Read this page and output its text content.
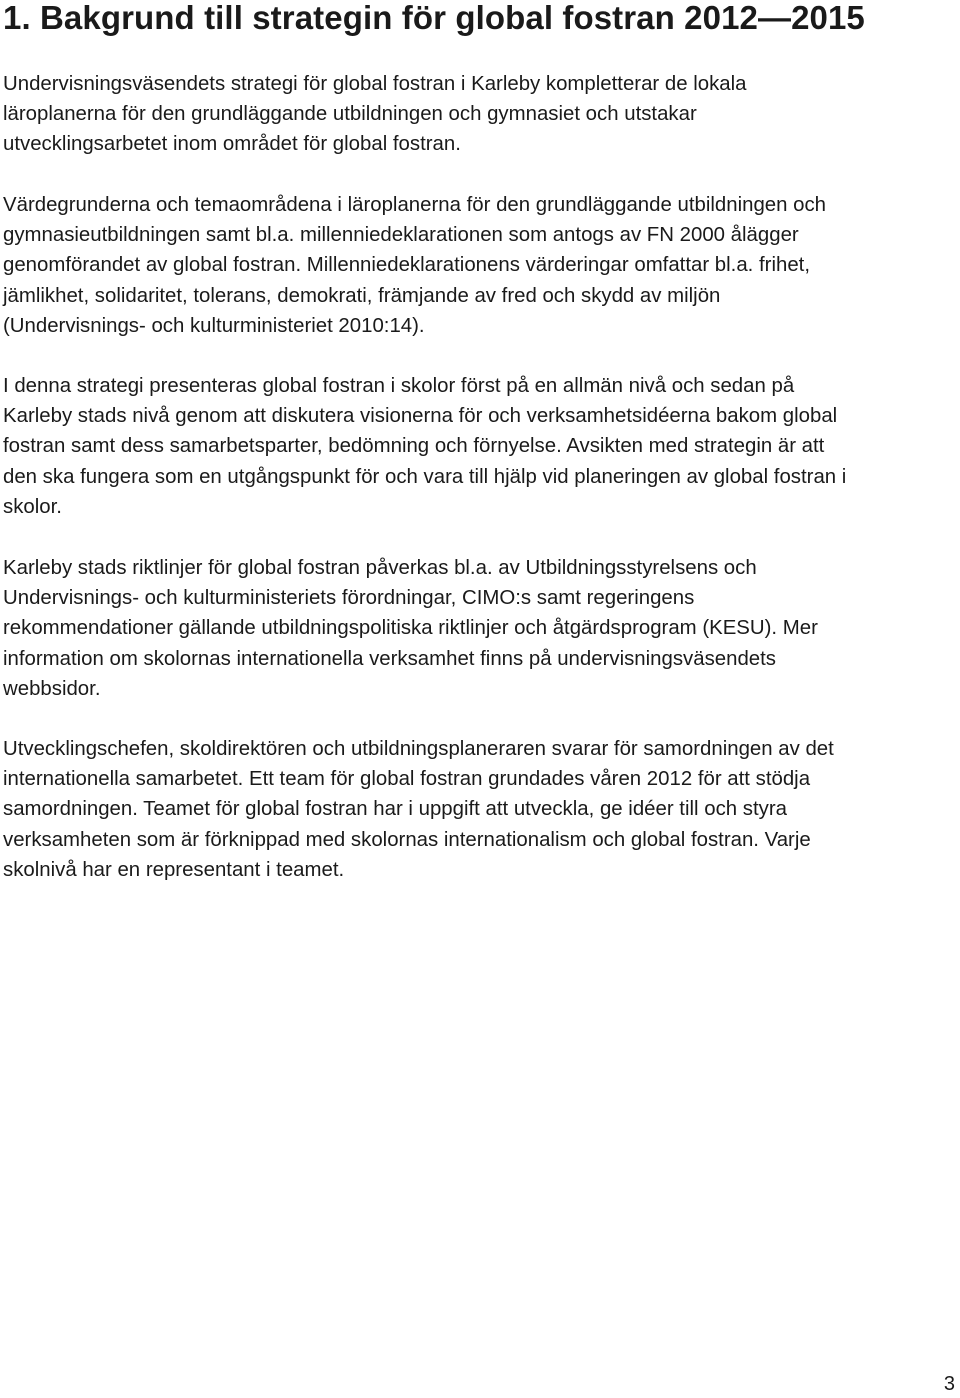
1. Bakgrund till strategin för global fostran 2012—2015

Undervisningsväsendets strategi för global fostran i Karleby kompletterar de lokala
läroplanerna för den grundläggande utbildningen och gymnasiet och utstakar
utvecklingsarbetet inom området för global fostran.

Värdegrunderna och temaområdena i läroplanerna för den grundläggande utbildningen och
gymnasieutbildningen samt bl.a. millenniedeklarationen som antogs av FN 2000 ålägger
genomförandet av global fostran. Millenniedeklarationens värderingar omfattar bl.a. frihet,
jämlikhet, solidaritet, tolerans, demokrati, främjande av fred och skydd av miljön
(Undervisnings- och kulturministeriet 2010:14).

I denna strategi presenteras global fostran i skolor först på en allmän nivå och sedan på
Karleby stads nivå genom att diskutera visionerna för och verksamhetsidéerna bakom global
fostran samt dess samarbetsparter, bedömning och förnyelse. Avsikten med strategin är att
den ska fungera som en utgångspunkt för och vara till hjälp vid planeringen av global fostran i
skolor.

Karleby stads riktlinjer för global fostran påverkas bl.a. av Utbildningsstyrelsens och
Undervisnings- och kulturministeriets förordningar, CIMO:s samt regeringens
rekommendationer gällande utbildningspolitiska riktlinjer och åtgärdsprogram (KESU). Mer
information om skolornas internationella verksamhet finns på undervisningsväsendets
webbsidor.

Utvecklingschefen, skoldirektören och utbildningsplaneraren svarar för samordningen av det
internationella samarbetet. Ett team för global fostran grundades våren 2012 för att stödja
samordningen. Teamet för global fostran har i uppgift att utveckla, ge idéer till och styra
verksamheten som är förknippad med skolornas internationalism och global fostran. Varje
skolnivå har en representant i teamet.

3
